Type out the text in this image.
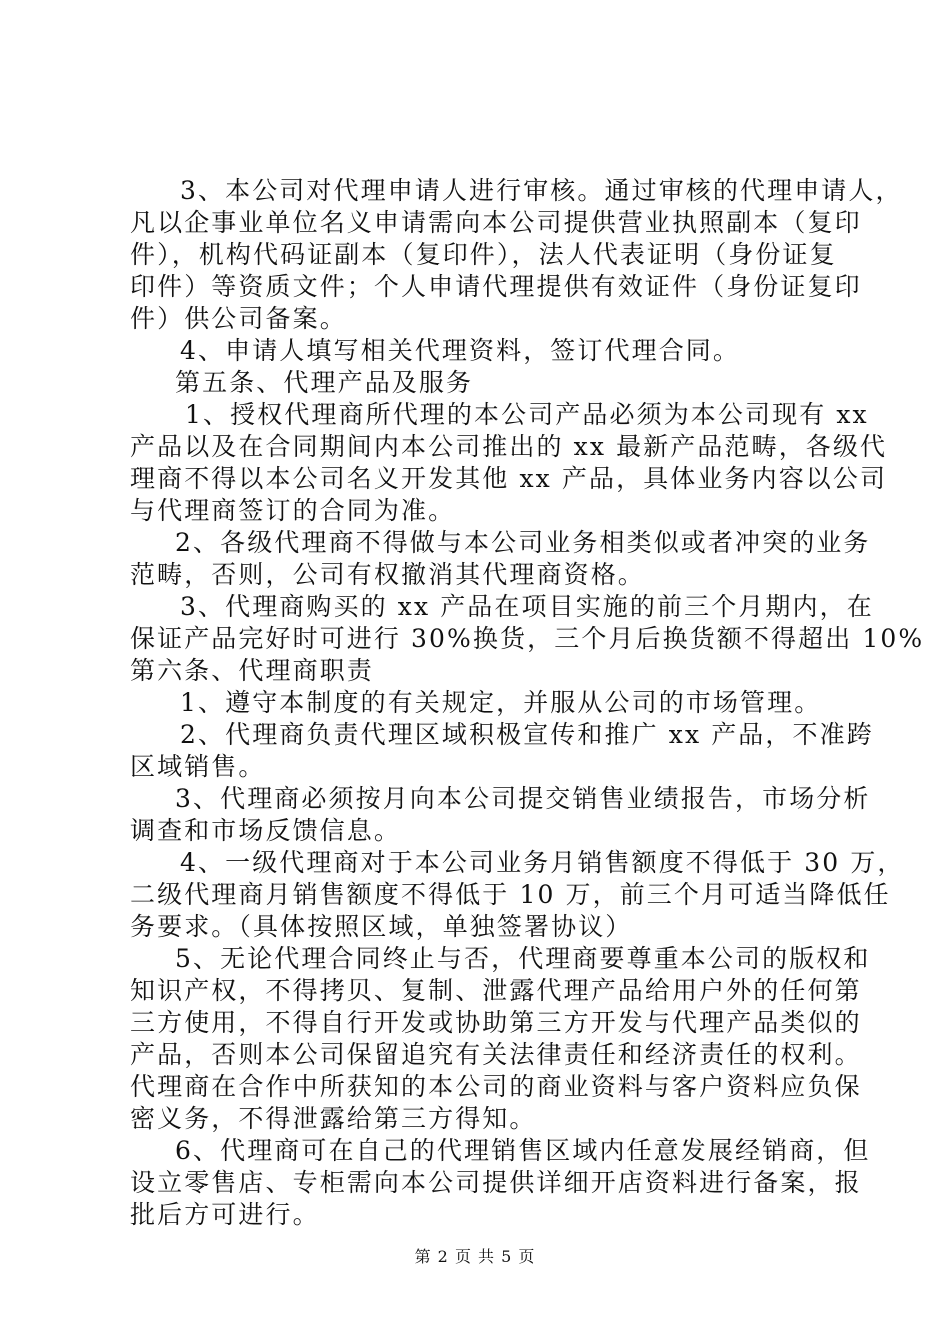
3、本公司对代理申请人进行审核。通过审核的代理申请人，
凡以企事业单位名义申请需向本公司提供营业执照副本（复印
件），机构代码证副本（复印件），法人代表证明（身份证复
印件）等资质文件；个人申请代理提供有效证件（身份证复印
件）供公司备案。
4、申请人填写相关代理资料，签订代理合同。
第五条、代理产品及服务
1、授权代理商所代理的本公司产品必须为本公司现有 xx
产品以及在合同期间内本公司推出的 xx 最新产品范畴，各级代
理商不得以本公司名义开发其他 xx 产品，具体业务内容以公司
与代理商签订的合同为准。
2、各级代理商不得做与本公司业务相类似或者冲突的业务
范畴，否则，公司有权撤消其代理商资格。
3、代理商购买的 xx 产品在项目实施的前三个月期内，在
保证产品完好时可进行 30%换货，三个月后换货额不得超出 10%
第六条、代理商职责
1、遵守本制度的有关规定，并服从公司的市场管理。
2、代理商负责代理区域积极宣传和推广 xx 产品，不准跨
区域销售。
3、代理商必须按月向本公司提交销售业绩报告，市场分析
调查和市场反馈信息。
4、一级代理商对于本公司业务月销售额度不得低于 30 万，
二级代理商月销售额度不得低于 10 万，前三个月可适当降低任
务要求。（具体按照区域，单独签署协议）
5、无论代理合同终止与否，代理商要尊重本公司的版权和
知识产权，不得拷贝、复制、泄露代理产品给用户外的任何第
三方使用，不得自行开发或协助第三方开发与代理产品类似的
产品，否则本公司保留追究有关法律责任和经济责任的权利。
代理商在合作中所获知的本公司的商业资料与客户资料应负保
密义务，不得泄露给第三方得知。
6、代理商可在自己的代理销售区域内任意发展经销商，但
设立零售店、专柜需向本公司提供详细开店资料进行备案，报
批后方可进行。
第 2 页 共 5 页
